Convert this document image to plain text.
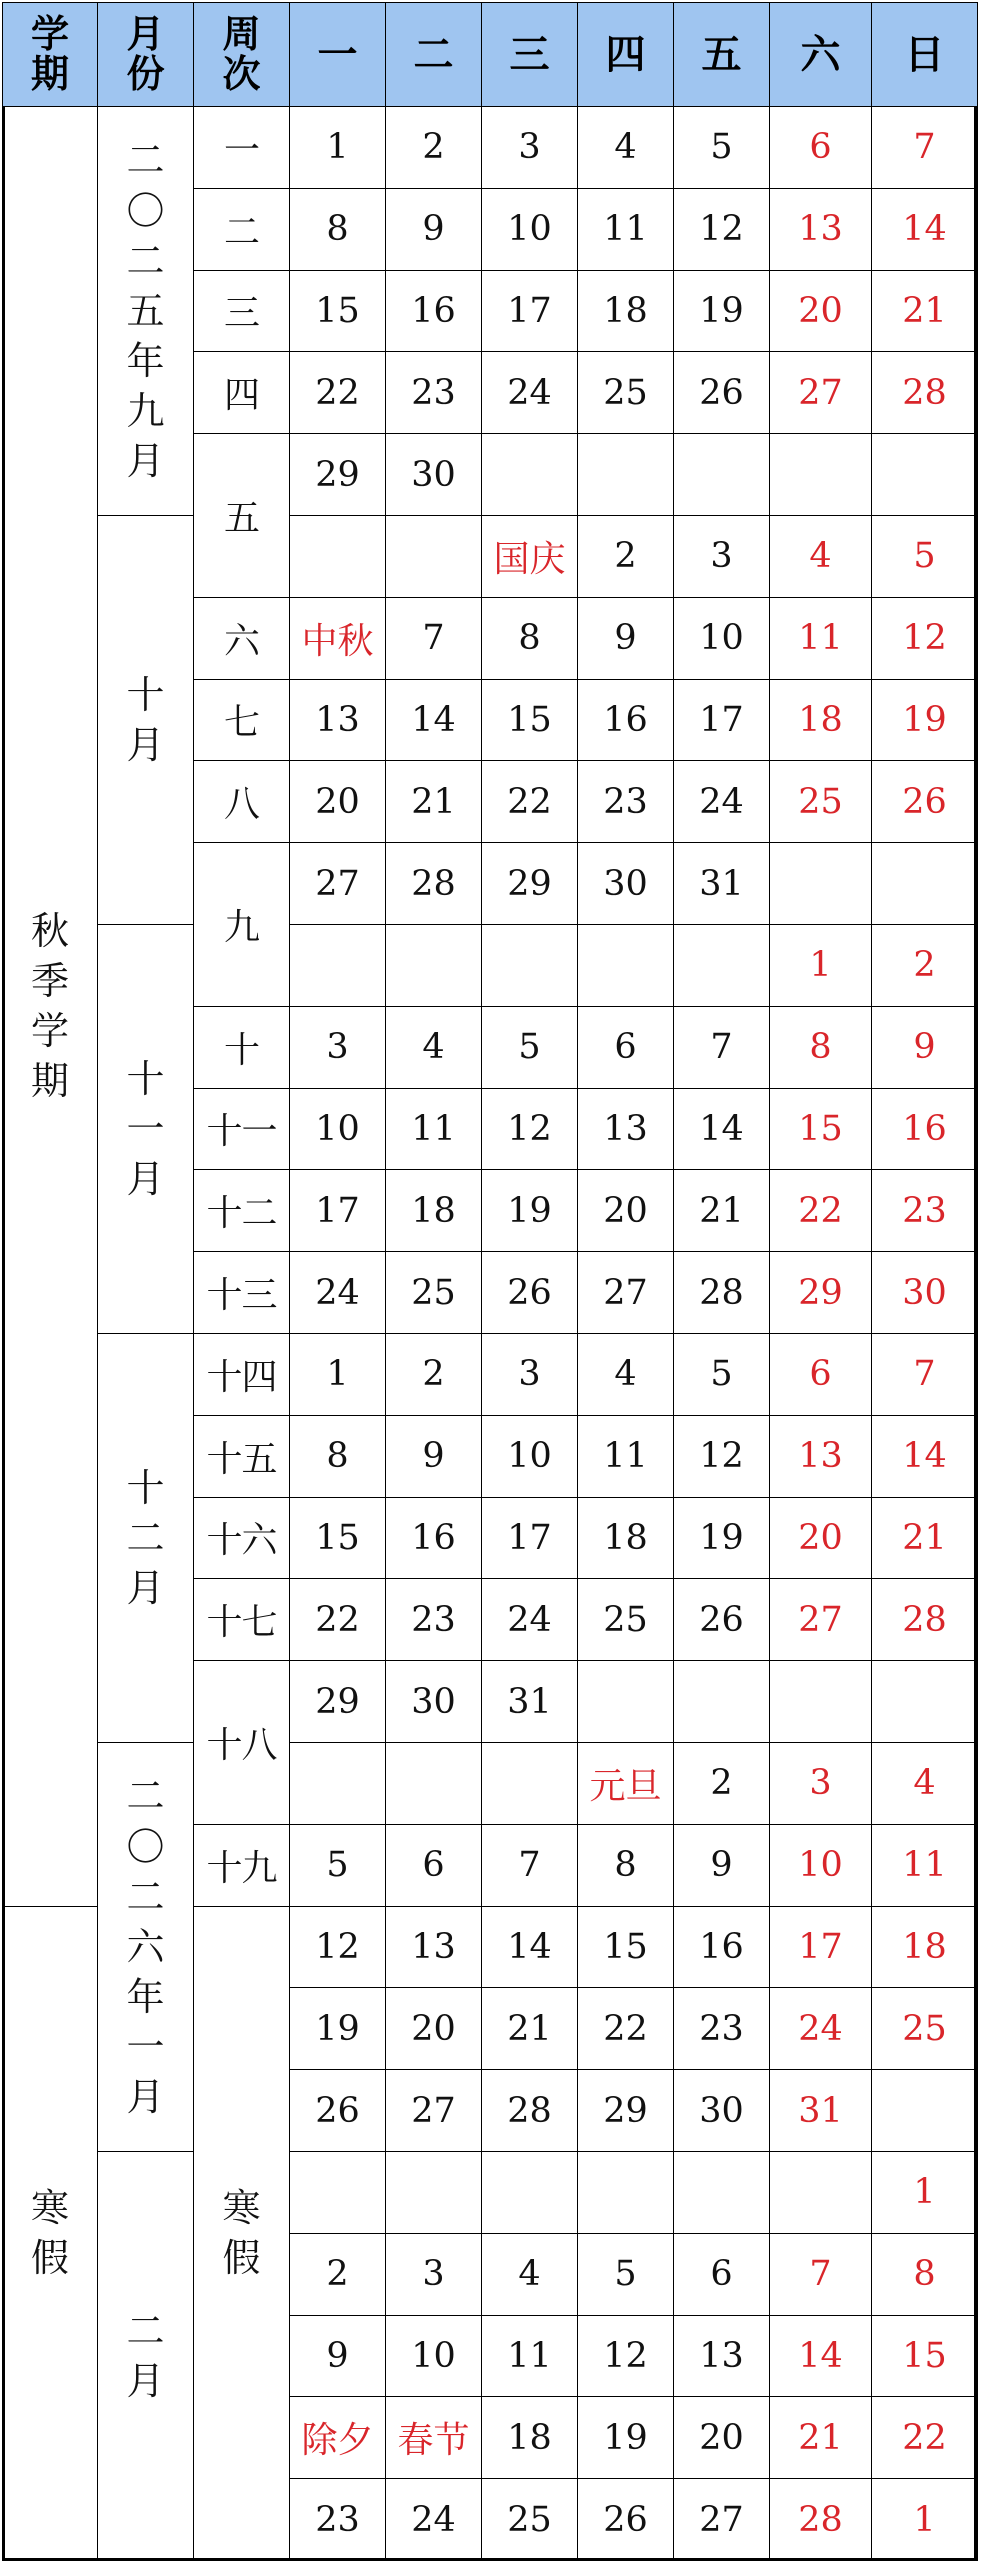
学期	月份	周次	一	二	三	四	五	六	日
秋季学期	二〇二五年九月	一	1	2	3	4	5	6	7
		二	8	9	10	11	12	13	14
		三	15	16	17	18	19	20	21
		四	22	23	24	25	26	27	28
		五	29	30					
	十月				国庆	2	3	4	5
		六	中秋	7	8	9	10	11	12
		七	13	14	15	16	17	18	19
		八	20	21	22	23	24	25	26
		九	27	28	29	30	31		
	十一月							1	2
		十	3	4	5	6	7	8	9
		十一	10	11	12	13	14	15	16
		十二	17	18	19	20	21	22	23
		十三	24	25	26	27	28	29	30
	十二月	十四	1	2	3	4	5	6	7
		十五	8	9	10	11	12	13	14
		十六	15	16	17	18	19	20	21
		十七	22	23	24	25	26	27	28
		十八	29	30	31				
	二〇二六年一月					元旦	2	3	4
		十九	5	6	7	8	9	10	11
寒假		寒假	12	13	14	15	16	17	18
			19	20	21	22	23	24	25
			26	27	28	29	30	31	
	二月								1
			2	3	4	5	6	7	8
			9	10	11	12	13	14	15
			除夕	春节	18	19	20	21	22
			23	24	25	26	27	28	1
